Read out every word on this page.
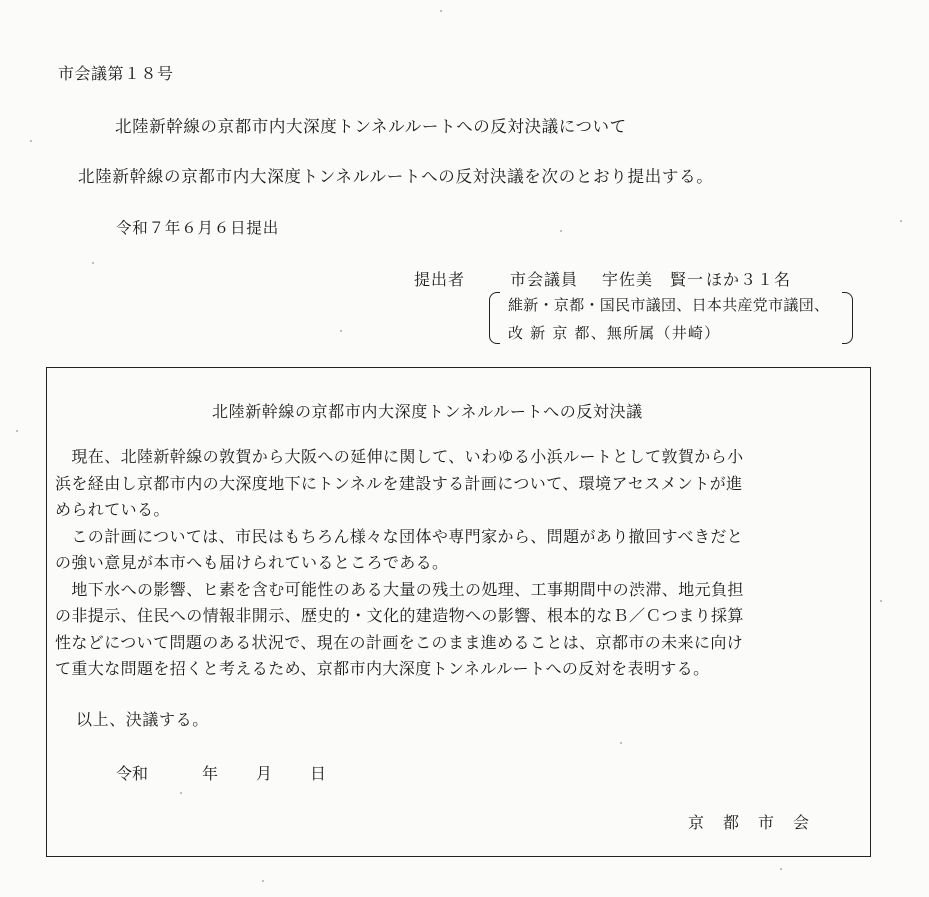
市会議第１８号
北陸新幹線の京都市内大深度トンネルルートへの反対決議について
北陸新幹線の京都市内大深度トンネルルートへの反対決議を次のとおり提出する。
令和７年６月６日提出
提出者	市会議員 宇佐美　賢一 ほか３１名
維新・京都・国民市議団、日本共産党市議団、
改 新 京 都、無所属（井崎）
北陸新幹線の京都市内大深度トンネルルートへの反対決議
　現在、北陸新幹線の敦賀から大阪への延伸に関して、いわゆる小浜ルートとして敦賀から小
浜を経由し京都市内の大深度地下にトンネルを建設する計画について、環境アセスメントが進
められている。
　この計画については、市民はもちろん様々な団体や専門家から、問題があり撤回すべきだと
の強い意見が本市へも届けられているところである。
　地下水への影響、ヒ素を含む可能性のある大量の残土の処理、工事期間中の渋滞、地元負担
の非提示、住民への情報非開示、歴史的・文化的建造物への影響、根本的なＢ／Ｃつまり採算
性などについて問題のある状況で、現在の計画をこのまま進めることは、京都市の未来に向け
て重大な問題を招くと考えるため、京都市内大深度トンネルルートへの反対を表明する。
以上、決議する。
令和	年 月 日
京都市会
